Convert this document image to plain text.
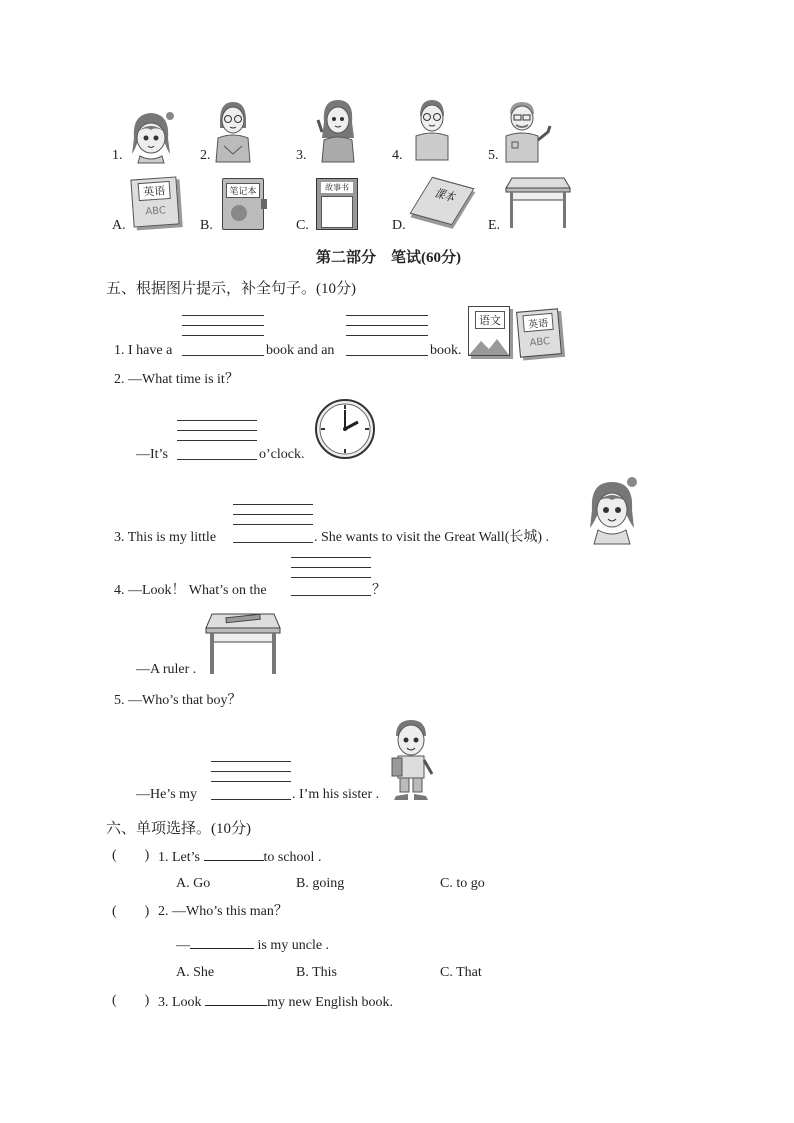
1.	2.	3.	4.	5.
A.
英语
ABC
B.
笔记本
C.
故事书
D.
课本
E.
第二部分　笔试(60分)
五、根据图片提示，补全句子。(10分)
1. I have a	book and an	book.
语文	英语
ABC
2. —What time is it？
—It’s	o’clock.
3. This is my little	. She wants to visit the Great Wall(长城) .
4. —Look！ What’s on the	？
—A ruler .
5. —Who’s that boy？
—He’s my	. I’m his sister .
六、单项选择。(10分)
(　　) 1. Let’s	to school .
A. Go	B. going	C. to go
(　　) 2. —Who’s this man？
—	is my uncle .
A. She	B. This	C. That
(　　) 3. Look	my new English book.
